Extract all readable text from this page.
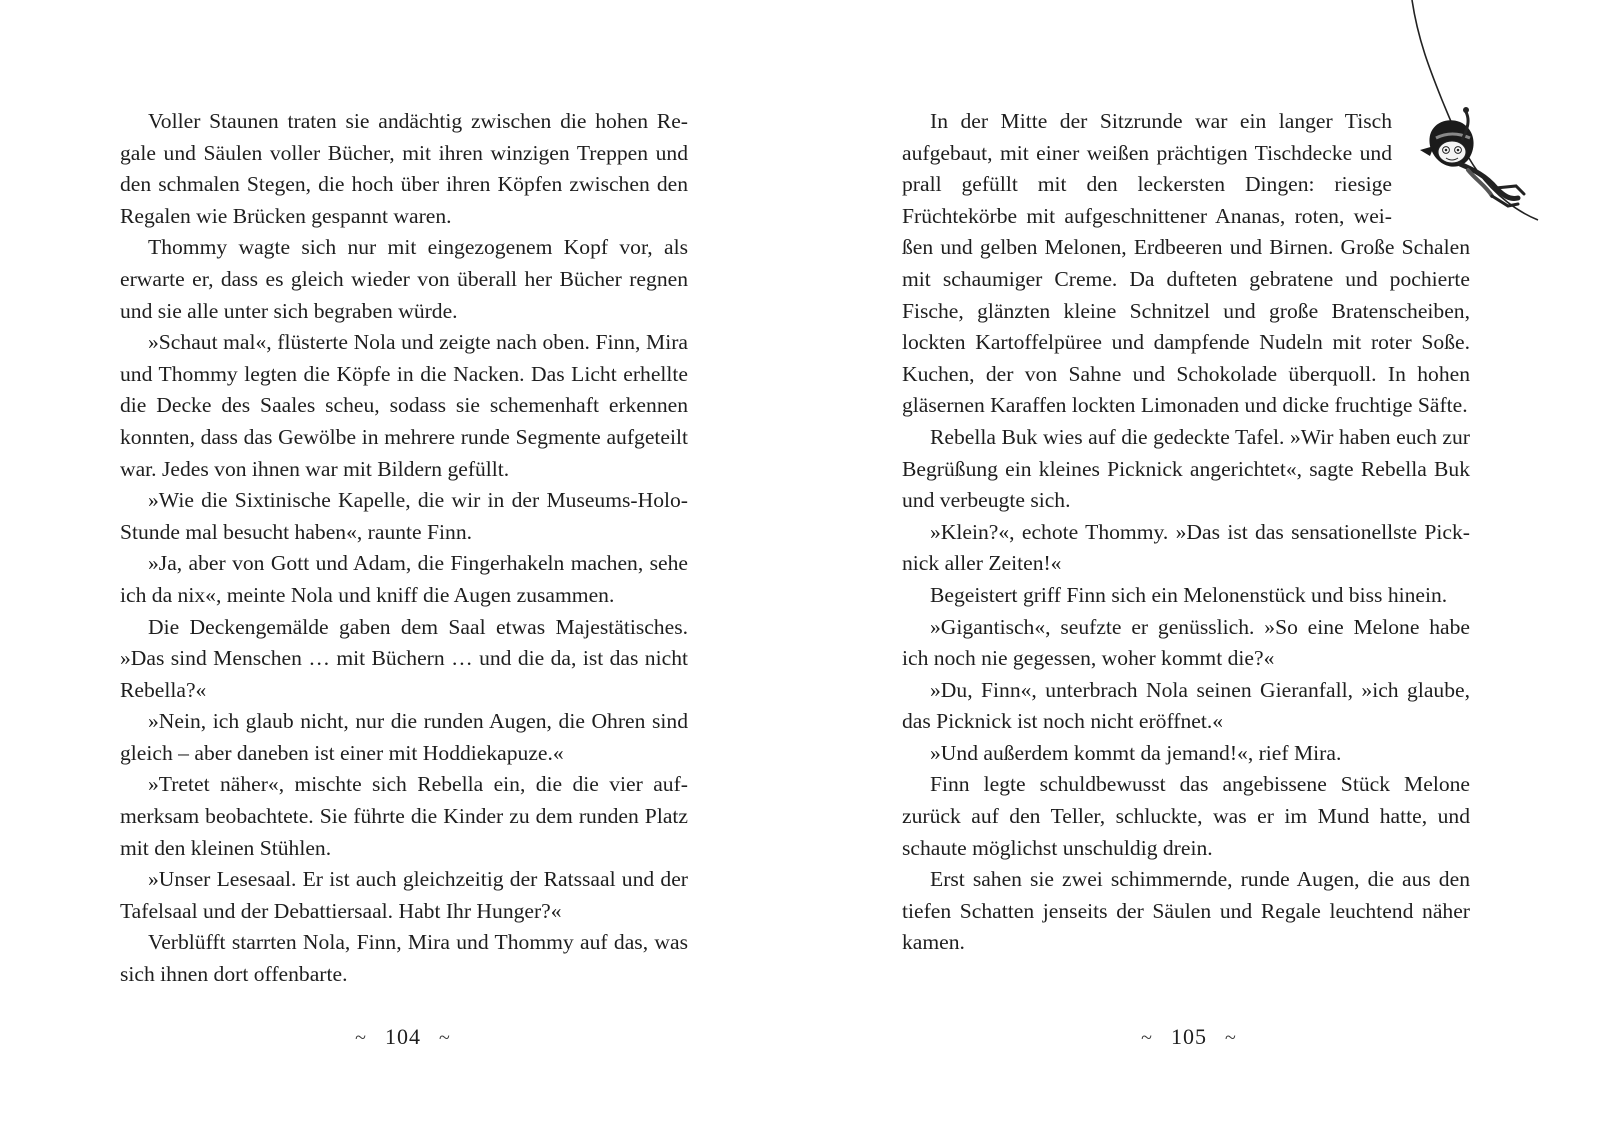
Voller Staunen traten sie andächtig zwischen die hohen Regale und Säulen voller Bücher, mit ihren winzigen Treppen und den schmalen Stegen, die hoch über ihren Köpfen zwischen den Regalen wie Brücken gespannt waren.

Thommy wagte sich nur mit eingezogenem Kopf vor, als erwarte er, dass es gleich wieder von überall her Bücher regnen und sie alle unter sich begraben würde.

»Schaut mal«, flüsterte Nola und zeigte nach oben. Finn, Mira und Thommy legten die Köpfe in die Nacken. Das Licht erhellte die Decke des Saales scheu, sodass sie schemenhaft erkennen konnten, dass das Gewölbe in mehrere runde Segmente aufgeteilt war. Jedes von ihnen war mit Bildern gefüllt.

»Wie die Sixtinische Kapelle, die wir in der Museums-Holo-Stunde mal besucht haben«, raunte Finn.

»Ja, aber von Gott und Adam, die Fingerhakeln machen, sehe ich da nix«, meinte Nola und kniff die Augen zusammen.

Die Deckengemälde gaben dem Saal etwas Majestätisches. »Das sind Menschen … mit Büchern … und die da, ist das nicht Rebella?«

»Nein, ich glaub nicht, nur die runden Augen, die Ohren sind gleich – aber daneben ist einer mit Hoddiekapuze.«

»Tretet näher«, mischte sich Rebella ein, die die vier aufmerksam beobachtete. Sie führte die Kinder zu dem runden Platz mit den kleinen Stühlen.

»Unser Lesesaal. Er ist auch gleichzeitig der Ratssaal und der Tafelsaal und der Debattiersaal. Habt Ihr Hunger?«

Verblüfft starrten Nola, Finn, Mira und Thommy auf das, was sich ihnen dort offenbarte.

~ 104 ~

In der Mitte der Sitzrunde war ein langer Tisch aufgebaut, mit einer weißen prächtigen Tischdecke und prall gefüllt mit den leckersten Dingen: riesige Früchtekörbe mit aufgeschnittener Ananas, roten, weißen und gelben Melonen, Erdbeeren und Birnen. Große Schalen mit schaumiger Creme. Da dufteten gebratene und pochierte Fische, glänzten kleine Schnitzel und große Bratenscheiben, lockten Kartoffelpüree und dampfende Nudeln mit roter Soße. Kuchen, der von Sahne und Schokolade überquoll. In hohen gläsernen Karaffen lockten Limonaden und dicke fruchtige Säfte.

Rebella Buk wies auf die gedeckte Tafel. »Wir haben euch zur Begrüßung ein kleines Picknick angerichtet«, sagte Rebella Buk und verbeugte sich.

»Klein?«, echote Thommy. »Das ist das sensationellste Picknick aller Zeiten!«

Begeistert griff Finn sich ein Melonenstück und biss hinein.

»Gigantisch«, seufzte er genüsslich. »So eine Melone habe ich noch nie gegessen, woher kommt die?«

»Du, Finn«, unterbrach Nola seinen Gieranfall, »ich glaube, das Picknick ist noch nicht eröffnet.«

»Und außerdem kommt da jemand!«, rief Mira.

Finn legte schuldbewusst das angebissene Stück Melone zurück auf den Teller, schluckte, was er im Mund hatte, und schaute möglichst unschuldig drein.

Erst sahen sie zwei schimmernde, runde Augen, die aus den tiefen Schatten jenseits der Säulen und Regale leuchtend näher kamen.

~ 105 ~
